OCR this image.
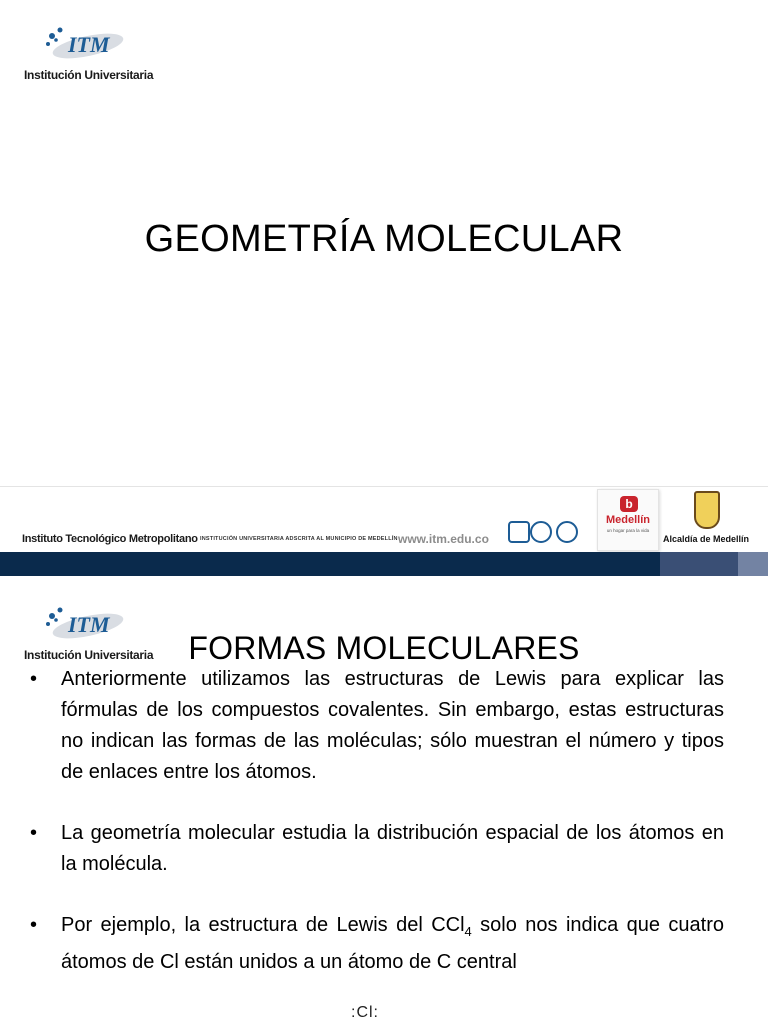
ITM
Institución Universitaria
GEOMETRÍA MOLECULAR
Instituto Tecnológico Metropolitano INSTITUCIÓN UNIVERSITARIA ADSCRITA AL MUNICIPIO DE MEDELLÍN www.itm.edu.co
b
Medellín
un hogar para la vida
Alcaldía de Medellín
ITM
Institución Universitaria	FORMAS MOLECULARES
• Anteriormente utilizamos las estructuras de Lewis para explicar las fórmulas de los compuestos covalentes. Sin embargo, estas estructuras no indican las formas de las moléculas; sólo muestran el número y tipos de enlaces entre los átomos.
• La geometría molecular estudia la distribución espacial de los átomos en la molécula.
• Por ejemplo, la estructura de Lewis del CCl$_4$ solo nos indica que cuatro átomos de Cl están unidos a un átomo de C central
:Cl:
